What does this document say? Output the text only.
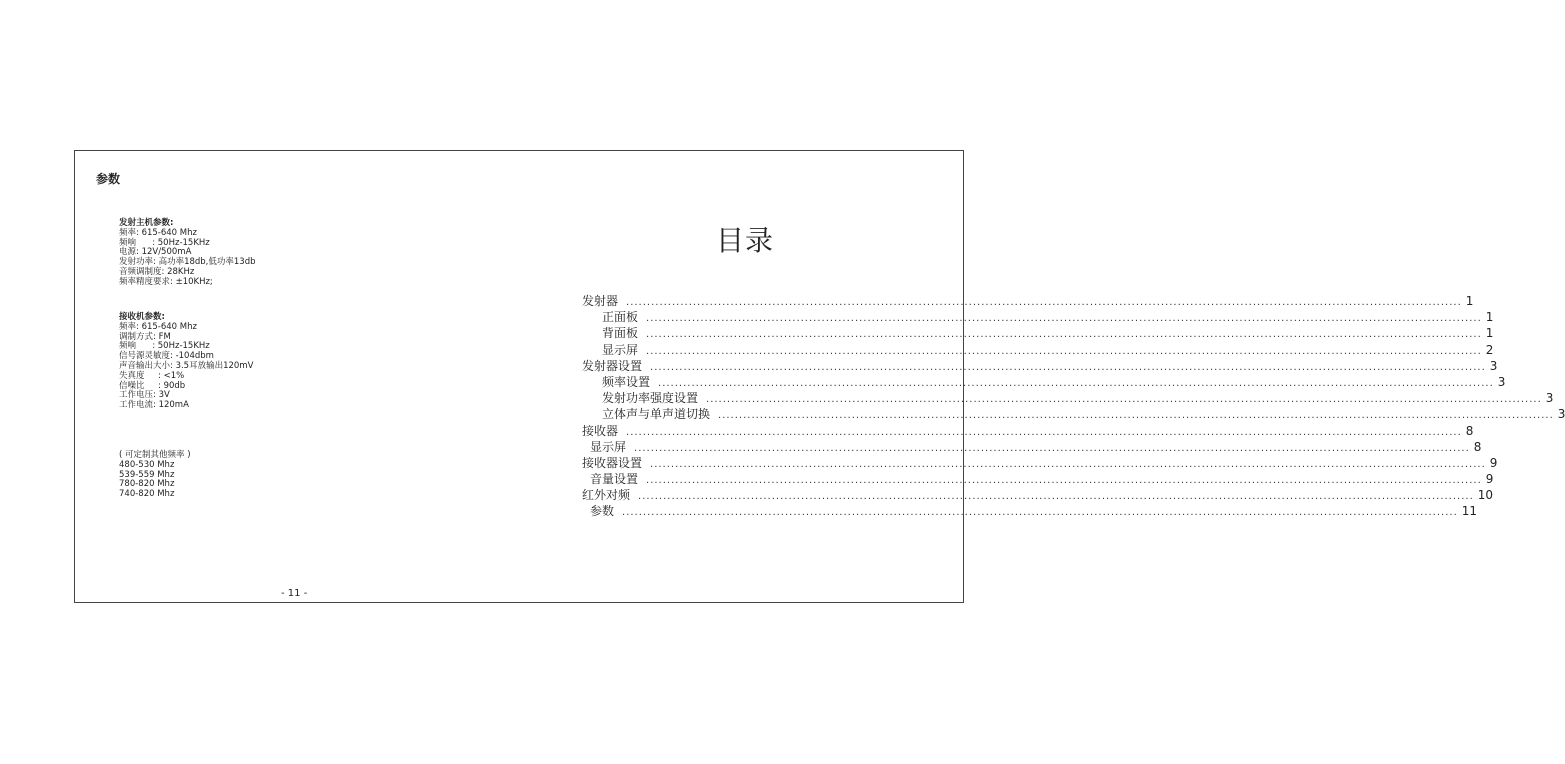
参数
发射主机参数:
频率: 615-640 Mhz
频响      : 50Hz-15KHz
电源: 12V/500mA
发射功率: 高功率18db,低功率13db
音频调制度: 28KHz
频率精度要求: ±10KHz;
接收机参数:
频率: 615-640 Mhz
调制方式: FM
频响      : 50Hz-15KHz
信号源灵敏度: -104dbm
声音输出大小: 3.5耳放输出120mV
失真度     : <1%
信噪比     : 90db
工作电压: 3V
工作电流: 120mA
( 可定制其他频率 )
480-530 Mhz
539-559 Mhz
780-820 Mhz
740-820 Mhz
- 11 -
目录
发射器 ........................................................................................................................................................................................................ 1
正面板 ........................................................................................................................................................................................................ 1
背面板 ........................................................................................................................................................................................................ 1
显示屏 ........................................................................................................................................................................................................ 2
发射器设置 ........................................................................................................................................................................................................ 3
频率设置 ........................................................................................................................................................................................................ 3
发射功率强度设置 ........................................................................................................................................................................................................ 3
立体声与单声道切换 ........................................................................................................................................................................................................ 3
接收器 ........................................................................................................................................................................................................ 8
显示屏 ........................................................................................................................................................................................................ 8
接收器设置 ........................................................................................................................................................................................................ 9
音量设置 ........................................................................................................................................................................................................ 9
红外对频 ........................................................................................................................................................................................................ 10
参数 ........................................................................................................................................................................................................ 11
